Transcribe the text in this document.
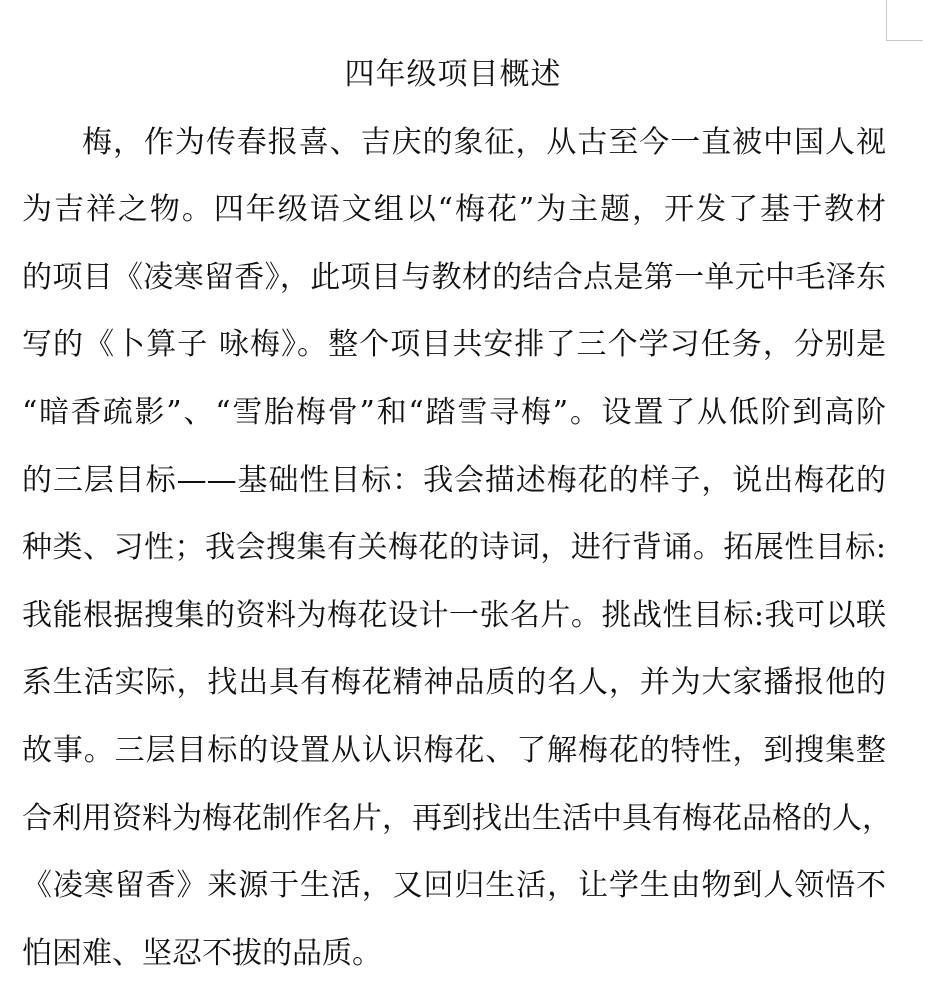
四年级项目概述

梅，作为传春报喜、吉庆的象征，从古至今一直被中国人视

为吉祥之物。四年级语文组以“梅花”为主题，开发了基于教材

的项目《凌寒留香》，此项目与教材的结合点是第一单元中毛泽东

写的《卜算子 咏梅》。整个项目共安排了三个学习任务，分别是

“暗香疏影”、“雪胎梅骨”和“踏雪寻梅”。设置了从低阶到高阶

的三层目标——基础性目标：我会描述梅花的样子，说出梅花的

种类、习性；我会搜集有关梅花的诗词，进行背诵。拓展性目标:

我能根据搜集的资料为梅花设计一张名片。挑战性目标:我可以联

系生活实际，找出具有梅花精神品质的名人，并为大家播报他的

故事。三层目标的设置从认识梅花、了解梅花的特性，到搜集整

合利用资料为梅花制作名片，再到找出生活中具有梅花品格的人，

《凌寒留香》来源于生活，又回归生活，让学生由物到人领悟不

怕困难、坚忍不拔的品质。
